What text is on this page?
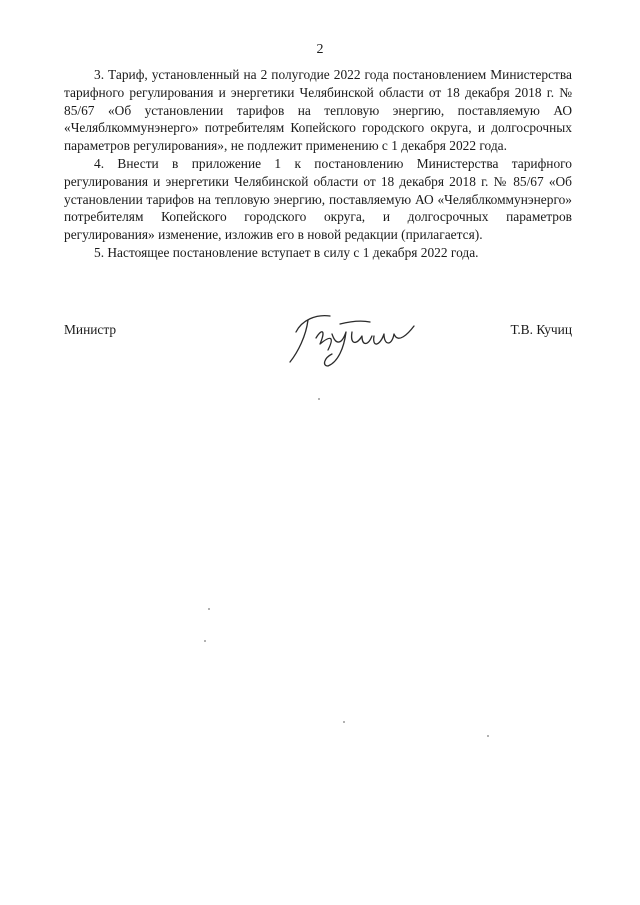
2

3. Тариф, установленный на 2 полугодие 2022 года постановлением Министерства тарифного регулирования и энергетики Челябинской области от 18 декабря 2018 г. № 85/67 «Об установлении тарифов на тепловую энергию, поставляемую АО «Челяблкоммунэнерго» потребителям Копейского городского округа, и долгосрочных параметров регулирования», не подлежит применению с 1 декабря 2022 года.

4. Внести в приложение 1 к постановлению Министерства тарифного регулирования и энергетики Челябинской области от 18 декабря 2018 г. № 85/67 «Об установлении тарифов на тепловую энергию, поставляемую АО «Челяблкоммунэнерго» потребителям Копейского городского округа, и долгосрочных параметров регулирования» изменение, изложив его в новой редакции (прилагается).

5. Настоящее постановление вступает в силу с 1 декабря 2022 года.

Министр	Т.В. Кучиц
